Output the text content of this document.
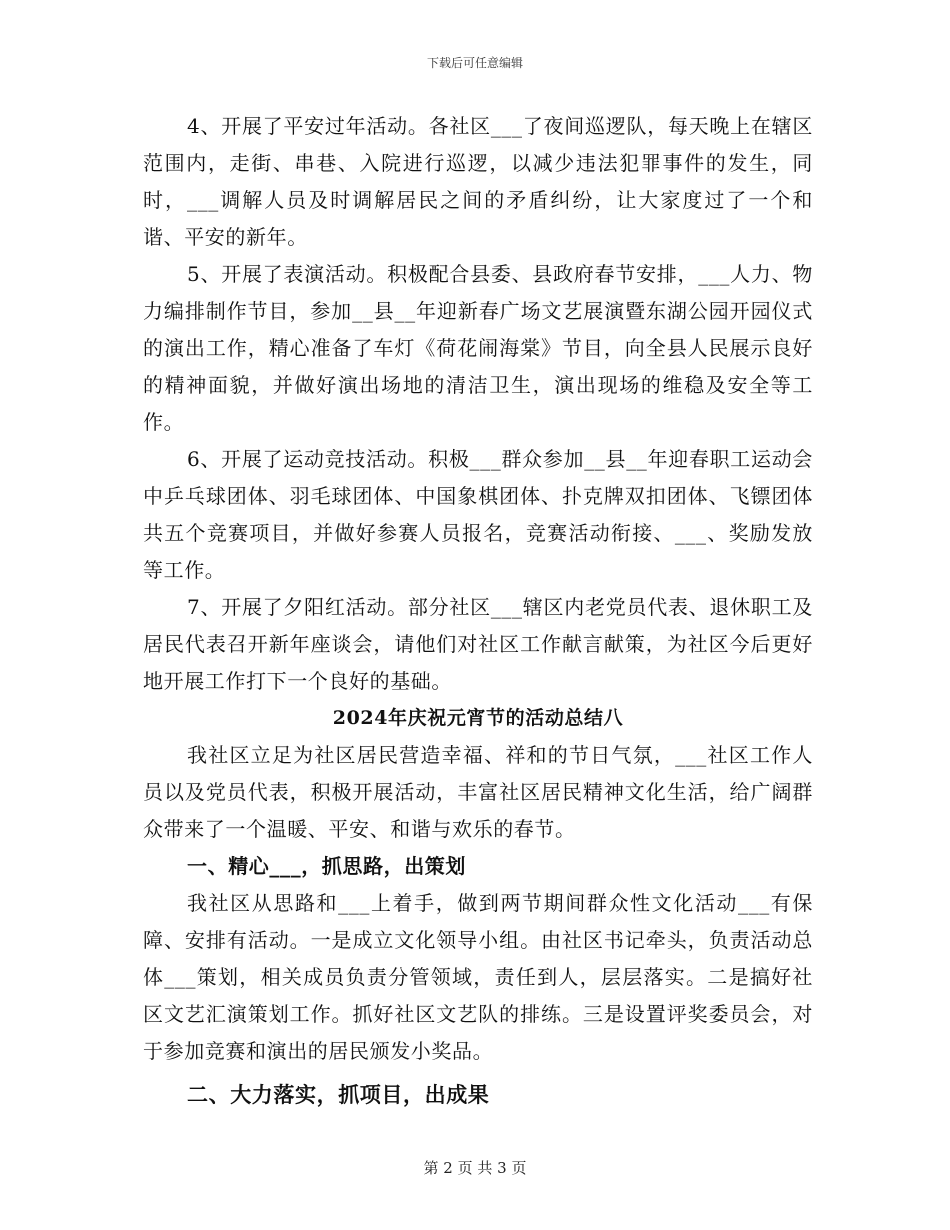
下载后可任意编辑

4、开展了平安过年活动。各社区___了夜间巡逻队，每天晚上在辖区范围内，走街、串巷、入院进行巡逻，以减少违法犯罪事件的发生，同时，___调解人员及时调解居民之间的矛盾纠纷，让大家度过了一个和谐、平安的新年。

5、开展了表演活动。积极配合县委、县政府春节安排，___人力、物力编排制作节目，参加__县__年迎新春广场文艺展演暨东湖公园开园仪式的演出工作，精心准备了车灯《荷花闹海棠》节目，向全县人民展示良好的精神面貌，并做好演出场地的清洁卫生，演出现场的维稳及安全等工作。

6、开展了运动竞技活动。积极___群众参加__县__年迎春职工运动会中乒乓球团体、羽毛球团体、中国象棋团体、扑克牌双扣团体、飞镖团体共五个竞赛项目，并做好参赛人员报名，竞赛活动衔接、___、奖励发放等工作。

7、开展了夕阳红活动。部分社区___辖区内老党员代表、退休职工及居民代表召开新年座谈会，请他们对社区工作献言献策，为社区今后更好地开展工作打下一个良好的基础。

2024年庆祝元宵节的活动总结八

我社区立足为社区居民营造幸福、祥和的节日气氛，___社区工作人员以及党员代表，积极开展活动，丰富社区居民精神文化生活，给广阔群众带来了一个温暖、平安、和谐与欢乐的春节。

一、精心___，抓思路，出策划

我社区从思路和___上着手，做到两节期间群众性文化活动___有保障、安排有活动。一是成立文化领导小组。由社区书记牵头，负责活动总体___策划，相关成员负责分管领域，责任到人，层层落实。二是搞好社区文艺汇演策划工作。抓好社区文艺队的排练。三是设置评奖委员会，对于参加竞赛和演出的居民颁发小奖品。

二、大力落实，抓项目，出成果

第 2 页 共 3 页
